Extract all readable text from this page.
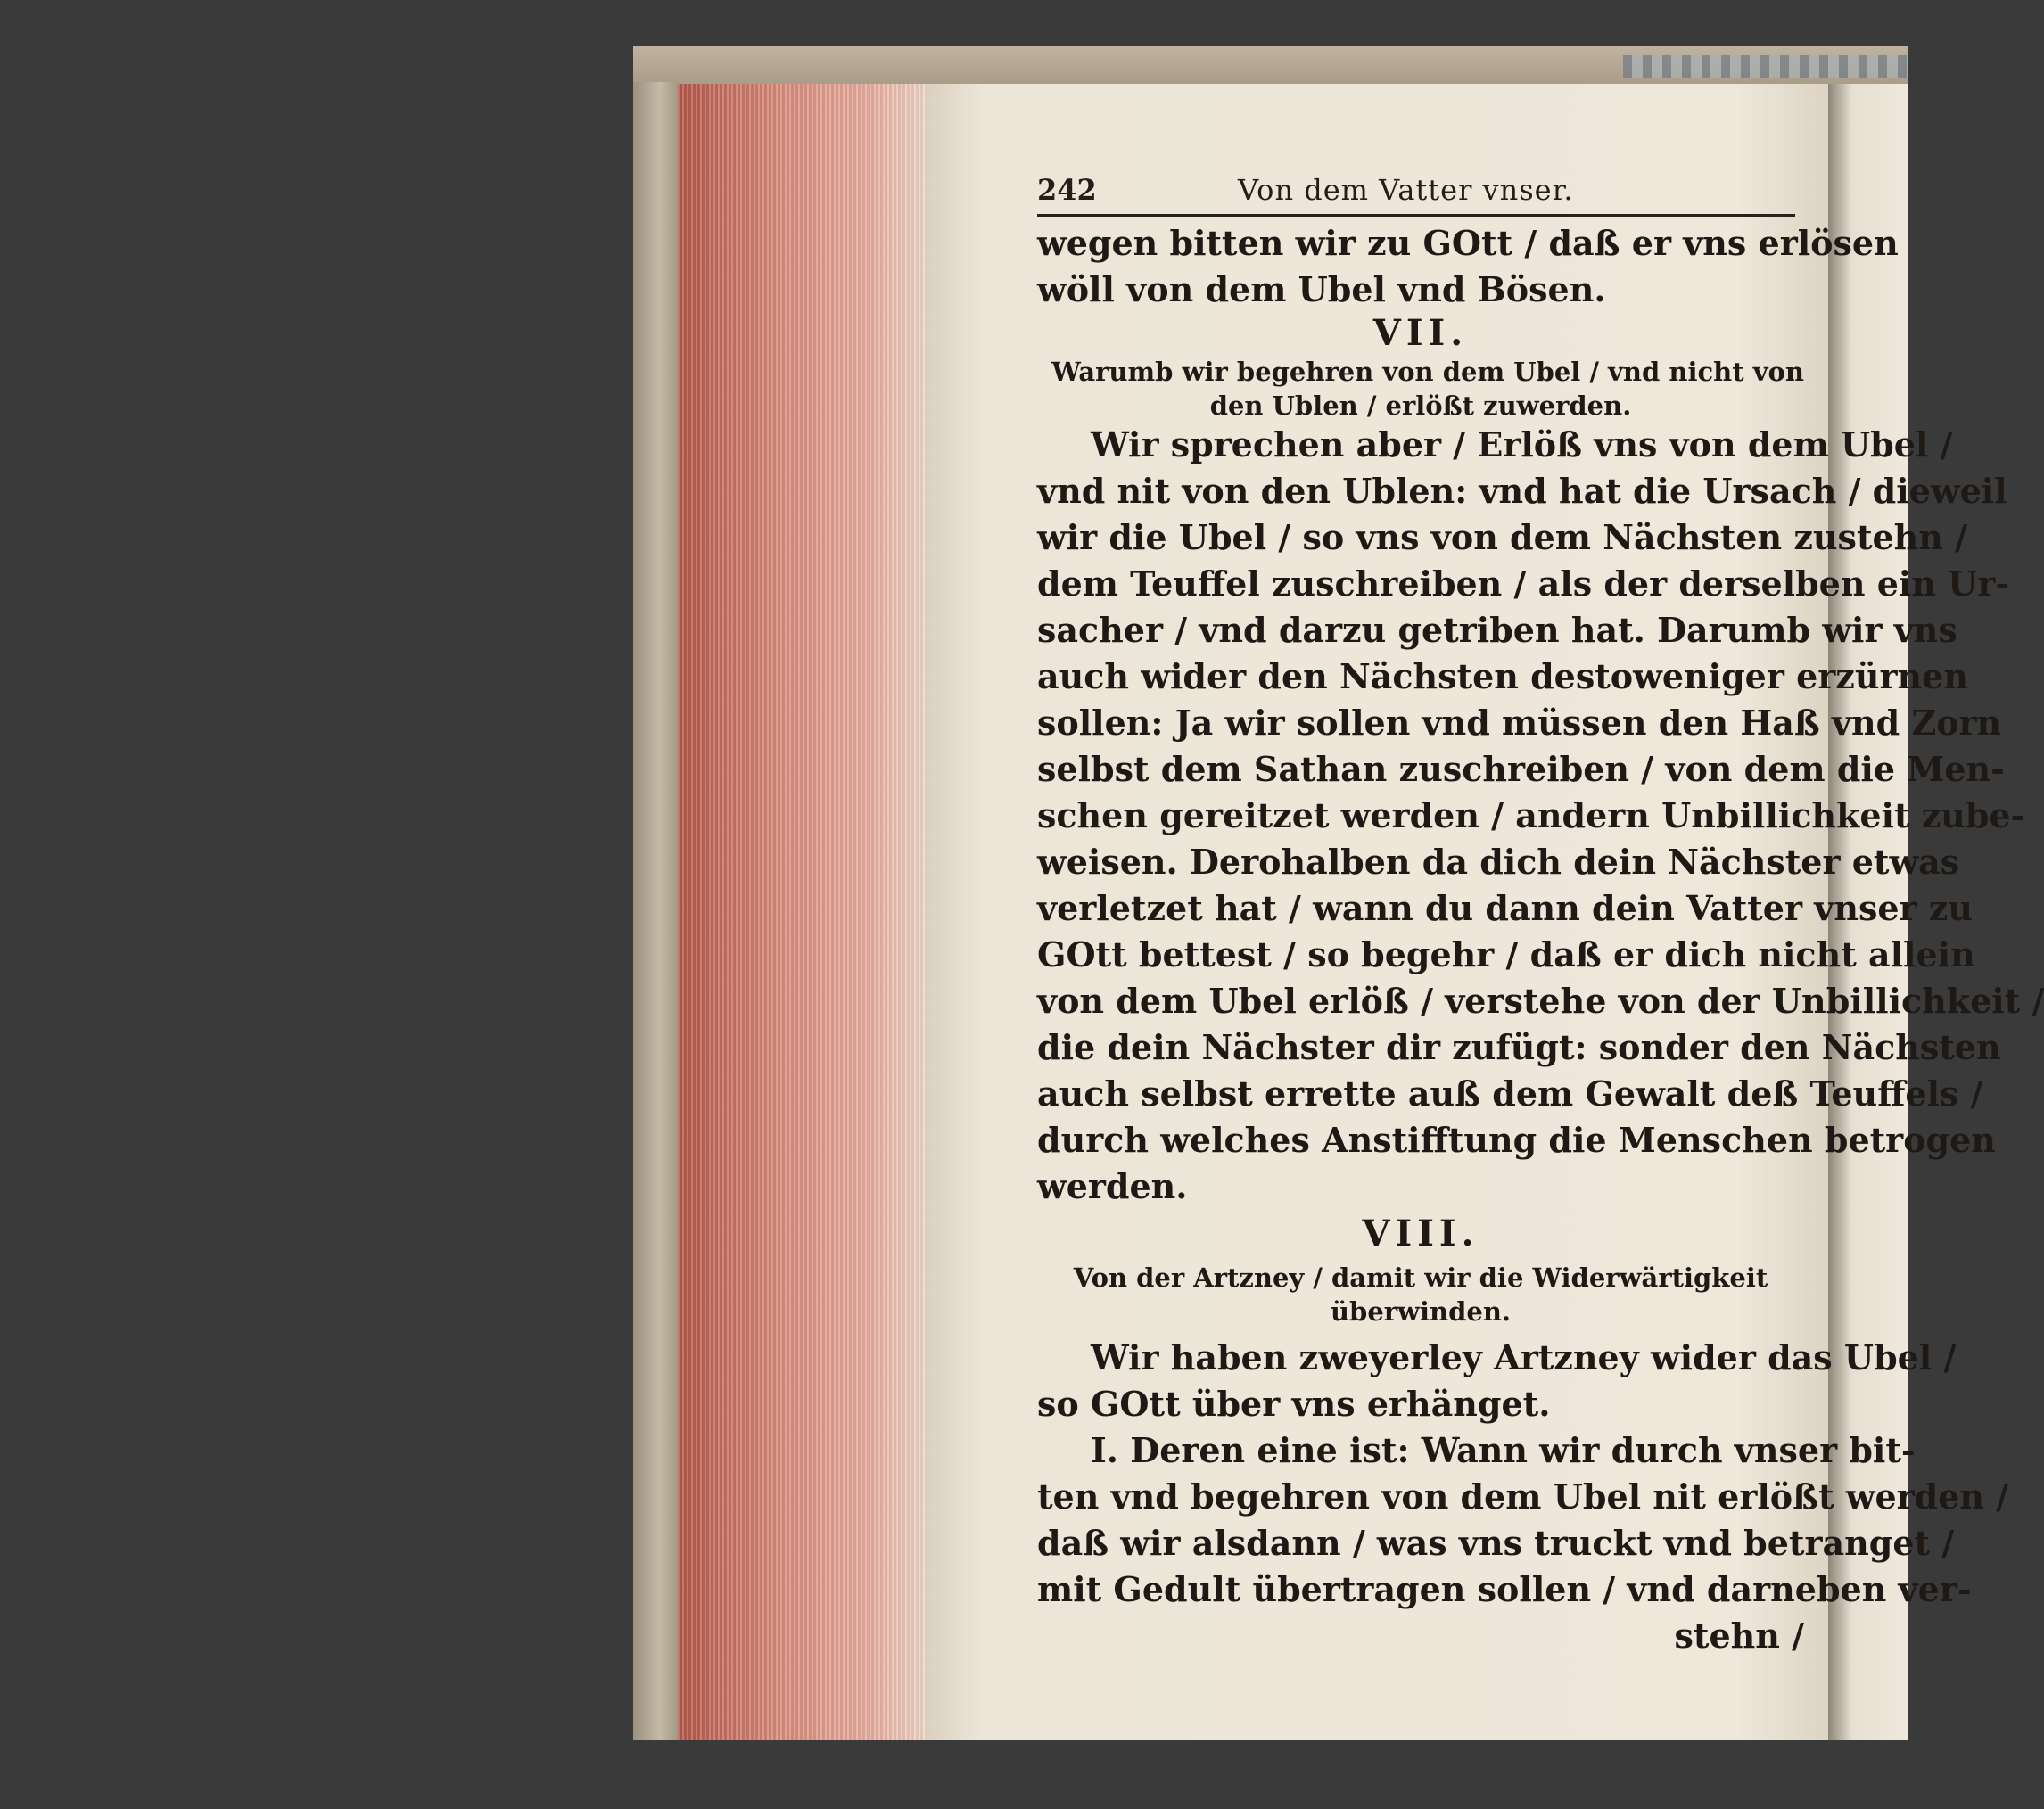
242	Von dem Vatter vnser.
wegen bitten wir zu GOtt / daß er vns erlösen
wöll von dem Ubel vnd Bösen.
VII.
Warumb wir begehren von dem Ubel / vnd nicht von
den Ublen / erlößt zuwerden.
Wir sprechen aber / Erlöß vns von dem Ubel /
vnd nit von den Ublen: vnd hat die Ursach / dieweil
wir die Ubel / so vns von dem Nächsten zustehn /
dem Teuffel zuschreiben / als der derselben ein Ur-
sacher / vnd darzu getriben hat. Darumb wir vns
auch wider den Nächsten destoweniger erzürnen
sollen: Ja wir sollen vnd müssen den Haß vnd Zorn
selbst dem Sathan zuschreiben / von dem die Men-
schen gereitzet werden / andern Unbillichkeit zube-
weisen. Derohalben da dich dein Nächster etwas
verletzet hat / wann du dann dein Vatter vnser zu
GOtt bettest / so begehr / daß er dich nicht allein
von dem Ubel erlöß / verstehe von der Unbillichkeit /
die dein Nächster dir zufügt: sonder den Nächsten
auch selbst errette auß dem Gewalt deß Teuffels /
durch welches Anstifftung die Menschen betrogen
werden.
VIII.
Von der Artzney / damit wir die Widerwärtigkeit
überwinden.
Wir haben zweyerley Artzney wider das Ubel /
so GOtt über vns erhänget.
I. Deren eine ist: Wann wir durch vnser bit-
ten vnd begehren von dem Ubel nit erlößt werden /
daß wir alsdann / was vns truckt vnd betranget /
mit Gedult übertragen sollen / vnd darneben ver-
stehn /
